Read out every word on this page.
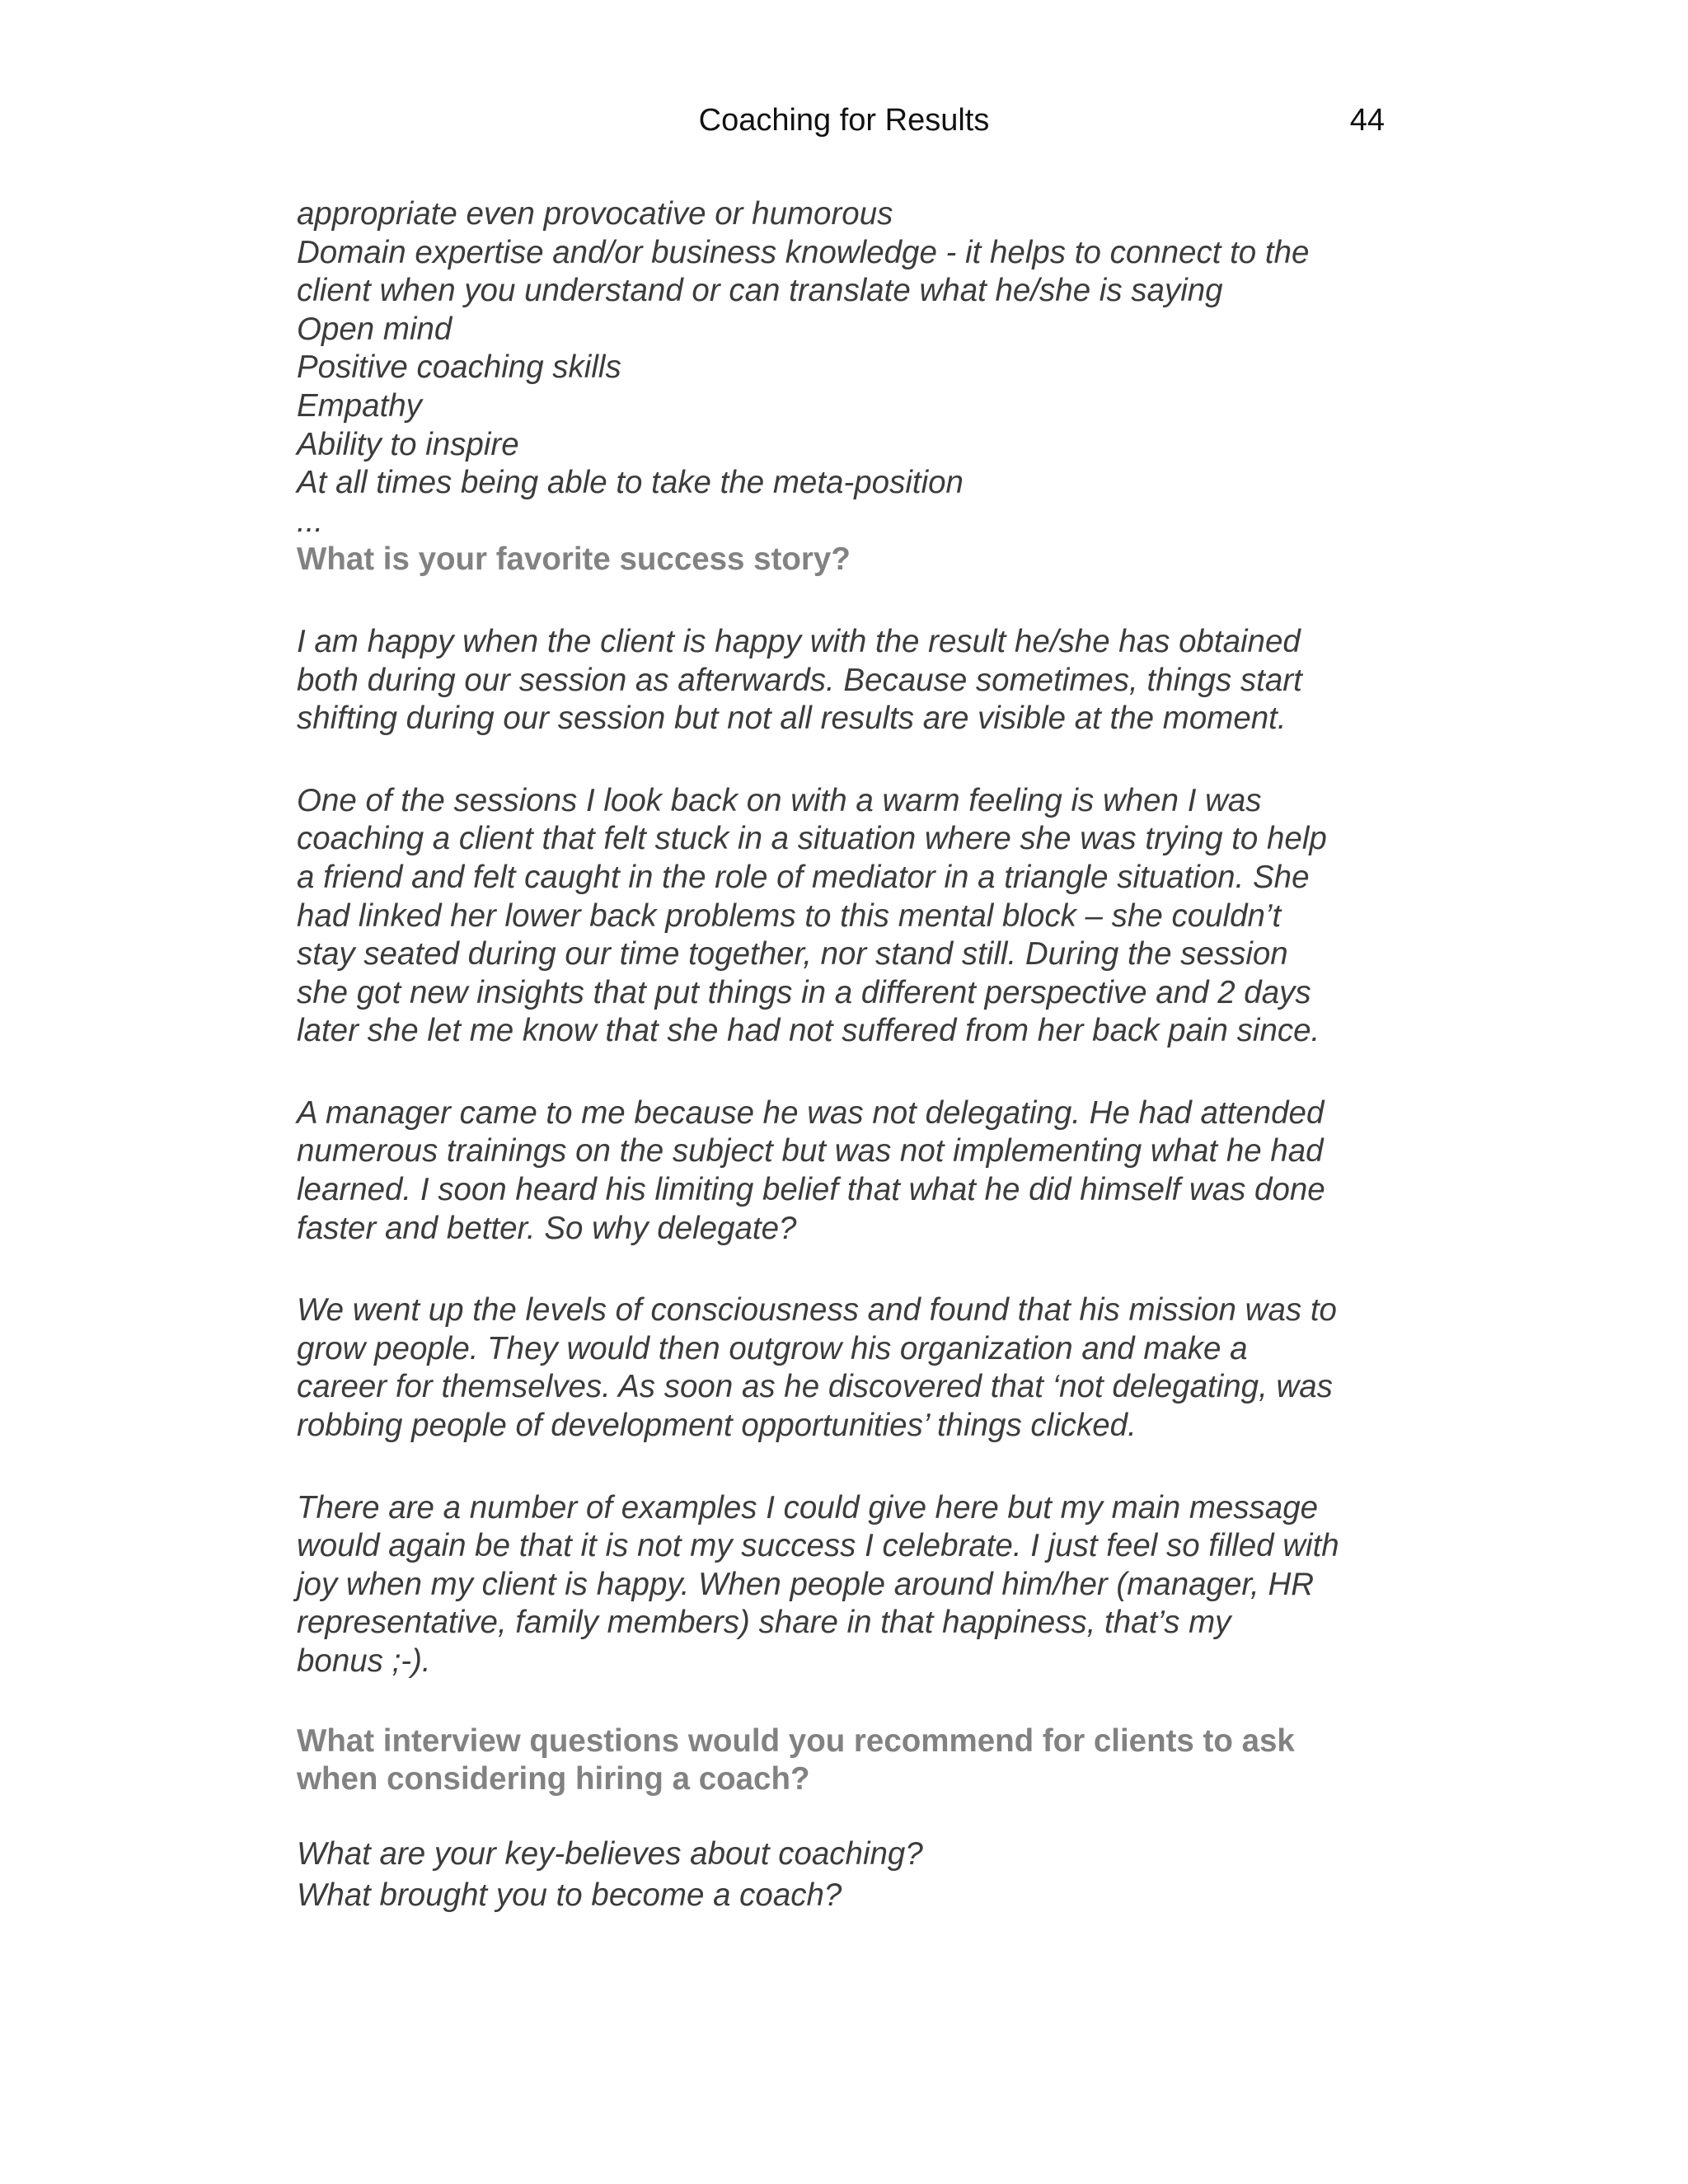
Coaching for Results	44

appropriate even provocative or humorous

Domain expertise and/or business knowledge - it helps to connect to the

client when you understand or can translate what he/she is saying

Open mind

Positive coaching skills

Empathy

Ability to inspire

At all times being able to take the meta-position

...

What is your favorite success story?

I am happy when the client is happy with the result he/she has obtained

both during our session as afterwards. Because sometimes, things start

shifting during our session but not all results are visible at the moment.

One of the sessions I look back on with a warm feeling is when I was

coaching a client that felt stuck in a situation where she was trying to help

a friend and felt caught in the role of mediator in a triangle situation. She

had linked her lower back problems to this mental block – she couldn’t

stay seated during our time together, nor stand still. During the session

she got new insights that put things in a different perspective and 2 days

later she let me know that she had not suffered from her back pain since.

A manager came to me because he was not delegating. He had attended

numerous trainings on the subject but was not implementing what he had

learned. I soon heard his limiting belief that what he did himself was done

faster and better. So why delegate?

We went up the levels of consciousness and found that his mission was to

grow people. They would then outgrow his organization and make a

career for themselves. As soon as he discovered that ‘not delegating, was

robbing people of development opportunities’ things clicked.

There are a number of examples I could give here but my main message

would again be that it is not my success I celebrate. I just feel so filled with

joy when my client is happy. When people around him/her (manager, HR

representative, family members) share in that happiness, that’s my

bonus ;-).

What interview questions would you recommend for clients to ask

when considering hiring a coach?

What are your key-believes about coaching?

What brought you to become a coach?
